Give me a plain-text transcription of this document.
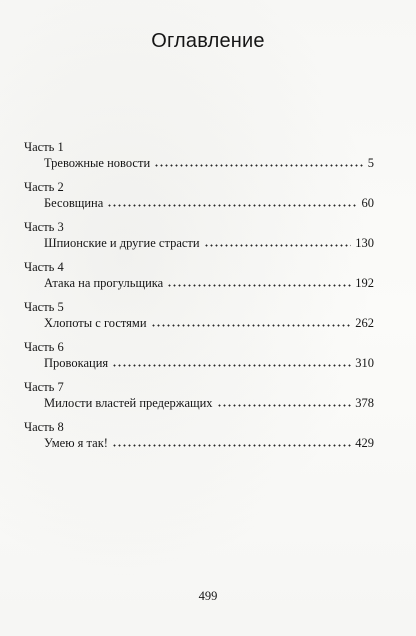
Оглавление
Часть 1
Тревожные новости	5
Часть 2
Бесовщина	60
Часть 3
Шпионские и другие страсти	130
Часть 4
Атака на прогульщика	192
Часть 5
Хлопоты с гостями	262
Часть 6
Провокация	310
Часть 7
Милости властей предержащих	378
Часть 8
Умею я так!	429
499
